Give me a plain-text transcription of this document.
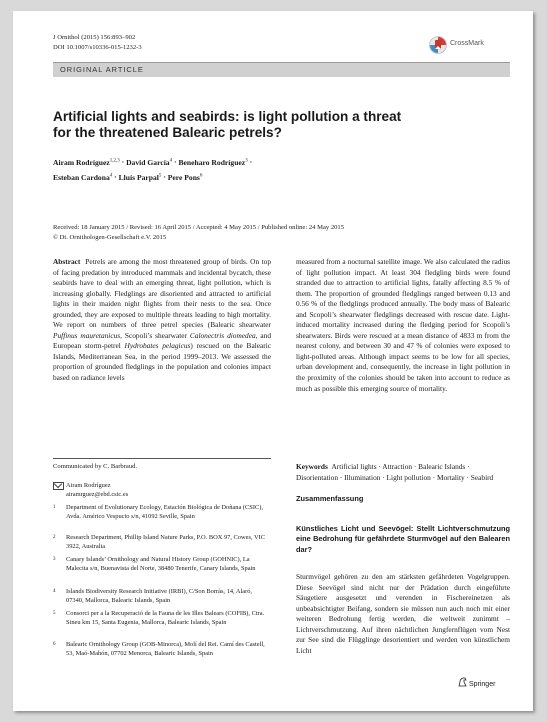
J Ornithol (2015) 156:893–902
DOI 10.1007/s10336-015-1232-3
CrossMark
ORIGINAL ARTICLE
Artificial lights and seabirds: is light pollution a threat
for the threatened Balearic petrels?
Airam Rodríguez$^{1,2,3}$ · David García$^4$ · Beneharo Rodríguez$^3$ ·
Esteban Cardona$^4$ · Lluís Parpal$^5$ · Pere Pons$^6$
Received: 18 January 2015 / Revised: 16 April 2015 / Accepted: 4 May 2015 / Published online: 24 May 2015
© Dt. Ornithologen-Gesellschaft e.V. 2015
Abstract Petrels are among the most threatened group of birds. On top of facing predation by introduced mammals and incidental bycatch, these seabirds have to deal with an emerging threat, light pollution, which is increasing globally. Fledglings are disoriented and attracted to artificial lights in their maiden night flights from their nests to the sea. Once grounded, they are exposed to multiple threats leading to high mortality. We report on numbers of three petrel species (Balearic shearwater Puffinus mauretanicus, Scopoli’s shearwater Calonectris diomedea, and European storm-petrel Hydrobates pelagicus) rescued on the Balearic Islands, Mediterranean Sea, in the period 1999–2013. We assessed the proportion of grounded fledglings in the population and colonies impact based on radiance levels
measured from a nocturnal satellite image. We also calculated the radius of light pollution impact. At least 304 fledgling birds were found stranded due to attraction to artificial lights, fatally affecting 8.5 % of them. The proportion of grounded fledglings ranged between 0.13 and 0.56 % of the fledglings produced annually. The body mass of Balearic and Scopoli’s shearwater fledglings decreased with rescue date. Light-induced mortality increased during the fledging period for Scopoli’s shearwaters. Birds were rescued at a mean distance of 4833 m from the nearest colony, and between 30 and 47 % of colonies were exposed to light-polluted areas. Although impact seems to be low for all species, urban development and, consequently, the increase in light pollution in the proximity of the colonies should be taken into account to reduce as much as possible this emerging source of mortality.
Communicated by C. Barbraud.
Airam Rodríguez
airamrguez@ebd.csic.es
1 Department of Evolutionary Ecology, Estación Biológica de Doñana (CSIC), Avda. Américo Vespucio s/n, 41092 Seville, Spain
2 Research Department, Phillip Island Nature Parks, P.O. BOX 97, Cowes, VIC 3922, Australia
3 Canary Islands’ Ornithology and Natural History Group (GOHNIC), La Malecita s/n, Buenavista del Norte, 38480 Tenerife, Canary Islands, Spain
4 Islands Biodiversity Research Initiative (IRBI), C/Son Borràs, 14, Alaró, 07340, Mallorca, Balearic Islands, Spain
5 Consorci per a la Recuperació de la Fauna de les Illes Balears (COFIB), Ctra. Sineu km 15, Santa Eugenia, Mallorca, Balearic Islands, Spain
6 Balearic Ornithology Group (GOB-Minorca), Molí del Rei. Camí des Castell, 53, Maó-Mahón, 07702 Menorca, Balearic Islands, Spain
Keywords Artificial lights · Attraction · Balearic Islands · Disorientation · Illumination · Light pollution · Mortality · Seabird
Zusammenfassung
Künstliches Licht und Seevögel: Stellt Lichtverschmutzung eine Bedrohung für gefährdete Sturmvögel auf den Balearen dar?
Sturmvögel gehören zu den am stärksten gefährdeten Vogelgruppen. Diese Seevögel sind nicht nur der Prädation durch eingeführte Säugetiere ausgesetzt und verenden in Fischereinetzen als unbeabsichtigter Beifang, sondern sie müssen nun auch noch mit einer weiteren Bedrohung fertig werden, die weltweit zunimmt – Lichtverschmutzung. Auf ihren nächtlichen Jungfernflügen vom Nest zur See sind die Flügglinge desorientiert und werden von künstlichem Licht
Springer
